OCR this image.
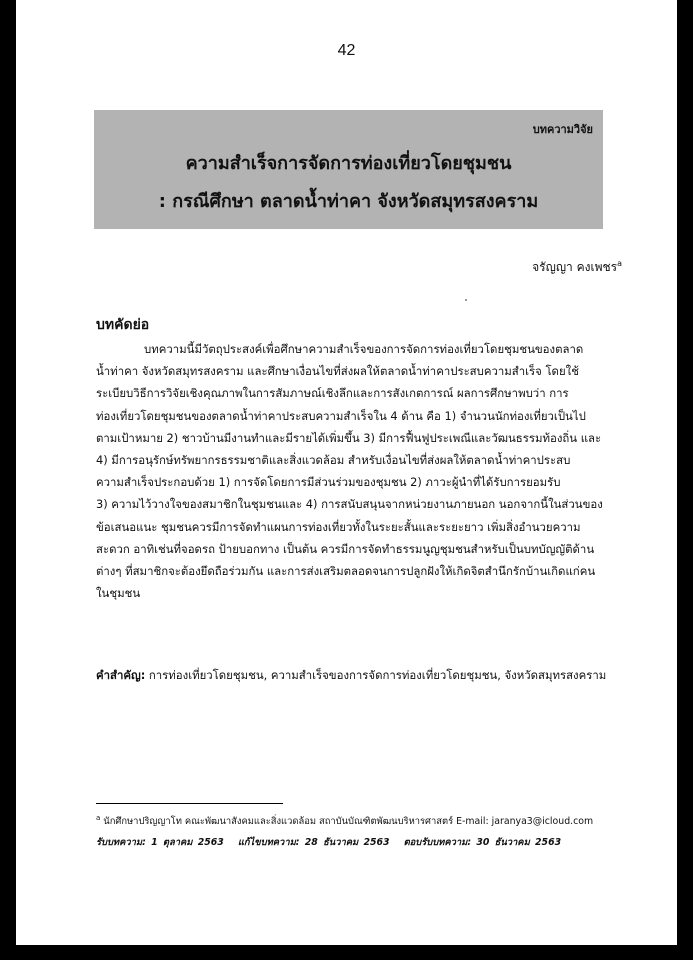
42
บทความวิจัย
ความสำเร็จการจัดการท่องเที่ยวโดยชุมชน
: กรณีศึกษา ตลาดน้ำท่าคา จังหวัดสมุทรสงคราม
จรัญญา คงเพชร$^a$
บทคัดย่อ
บทความนี้มีวัตถุประสงค์เพื่อศึกษาความสำเร็จของการจัดการท่องเที่ยวโดยชุมชนของตลาด
น้ำท่าคา จังหวัดสมุทรสงคราม และศึกษาเงื่อนไขที่ส่งผลให้ตลาดน้ำท่าคาประสบความสำเร็จ โดยใช้
ระเบียบวิธีการวิจัยเชิงคุณภาพในการสัมภาษณ์เชิงลึกและการสังเกตการณ์ ผลการศึกษาพบว่า การ
ท่องเที่ยวโดยชุมชนของตลาดน้ำท่าคาประสบความสำเร็จใน 4 ด้าน คือ 1) จำนวนนักท่องเที่ยวเป็นไป
ตามเป้าหมาย 2) ชาวบ้านมีงานทำและมีรายได้เพิ่มขึ้น 3) มีการฟื้นฟูประเพณีและวัฒนธรรมท้องถิ่น และ
4) มีการอนุรักษ์ทรัพยากรธรรมชาติและสิ่งแวดล้อม สำหรับเงื่อนไขที่ส่งผลให้ตลาดน้ำท่าคาประสบ
ความสำเร็จประกอบด้วย 1) การจัดโดยการมีส่วนร่วมของชุมชน 2) ภาวะผู้นำที่ได้รับการยอมรับ
3) ความไว้วางใจของสมาชิกในชุมชนและ 4) การสนับสนุนจากหน่วยงานภายนอก นอกจากนี้ในส่วนของ
ข้อเสนอแนะ ชุมชนควรมีการจัดทำแผนการท่องเที่ยวทั้งในระยะสั้นและระยะยาว เพิ่มสิ่งอำนวยความ
สะดวก อาทิเช่นที่จอดรถ ป้ายบอกทาง เป็นต้น ควรมีการจัดทำธรรมนูญชุมชนสำหรับเป็นบทบัญญัติด้าน
ต่างๆ ที่สมาชิกจะต้องยึดถือร่วมกัน และการส่งเสริมตลอดจนการปลูกฝังให้เกิดจิตสำนึกรักบ้านเกิดแก่คน
ในชุมชน
คำสำคัญ: การท่องเที่ยวโดยชุมชน, ความสำเร็จของการจัดการท่องเที่ยวโดยชุมชน, จังหวัดสมุทรสงคราม
$^a$ นักศึกษาปริญญาโท คณะพัฒนาสังคมและสิ่งแวดล้อม สถาบันบัณฑิตพัฒนบริหารศาสตร์ E-mail: jaranya3@icloud.com
รับบทความ: 1 ตุลาคม 2563 แก้ไขบทความ: 28 ธันวาคม 2563 ตอบรับบทความ: 30 ธันวาคม 2563
